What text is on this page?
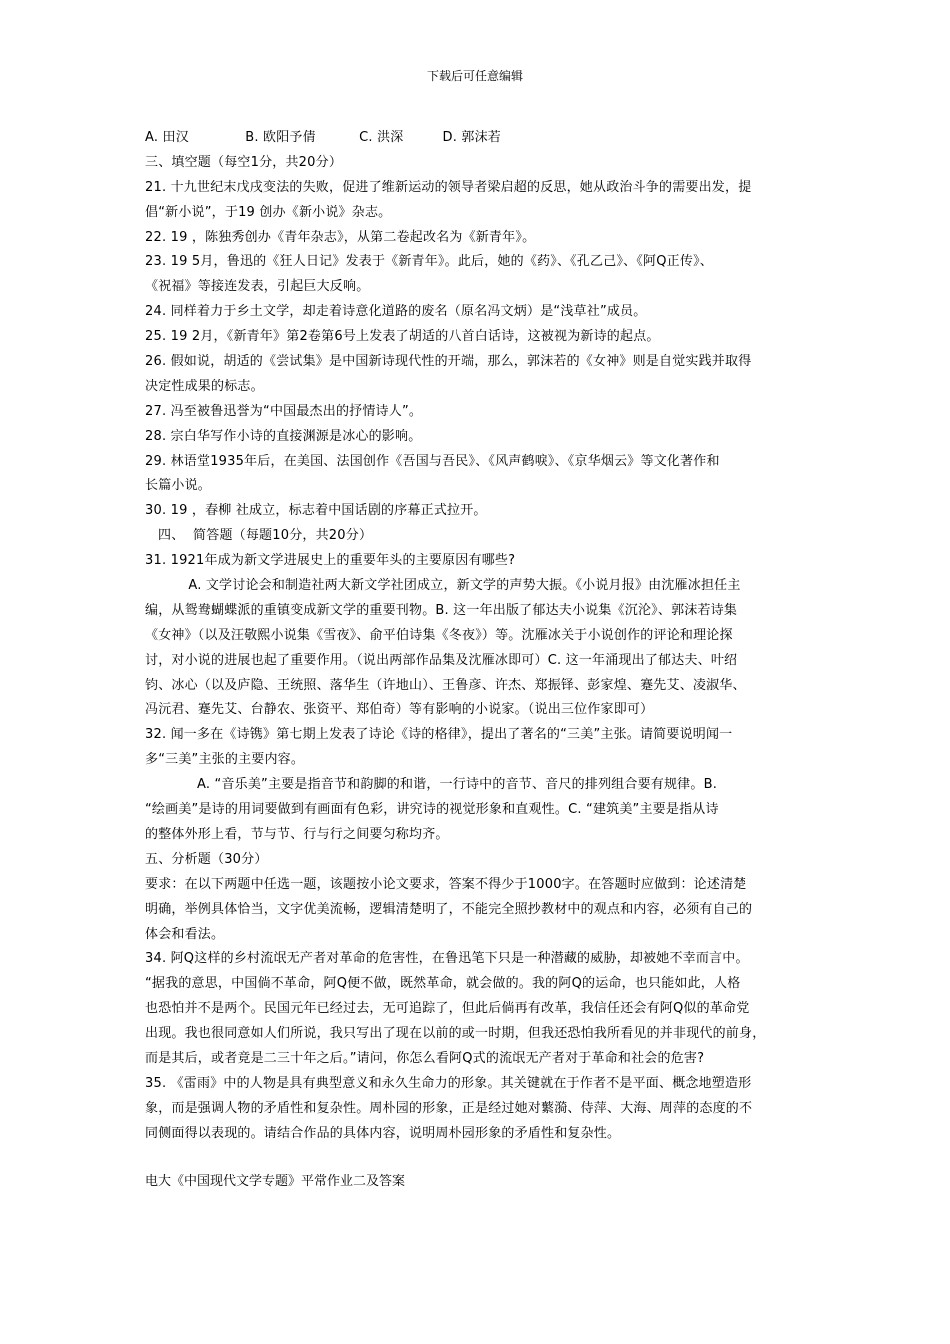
下载后可任意编辑
A. 田汉             B. 欧阳予倩          C. 洪深         D. 郭沫若
三、填空题（每空1分，共20分）
21. 十九世纪末戊戌变法的失败，促进了维新运动的领导者梁启超的反思，她从政治斗争的需要出发，提
倡“新小说”，于19 创办《新小说》杂志。
22. 19 ，陈独秀创办《青年杂志》，从第二卷起改名为《新青年》。
23. 19 5月，鲁迅的《狂人日记》发表于《新青年》。此后，她的《药》、《孔乙己》、《阿Q正传》、
《祝福》等接连发表，引起巨大反响。
24. 同样着力于乡土文学，却走着诗意化道路的废名（原名冯文炳）是“浅草社”成员。
25. 19 2月，《新青年》第2卷第6号上发表了胡适的八首白话诗，这被视为新诗的起点。
26. 假如说，胡适的《尝试集》是中国新诗现代性的开端，那么，郭沫若的《女神》则是自觉实践并取得
决定性成果的标志。
27. 冯至被鲁迅誉为“中国最杰出的抒情诗人”。
28. 宗白华写作小诗的直接渊源是冰心的影响。
29. 林语堂1935年后，在美国、法国创作《吾国与吾民》、《风声鹤唳》、《京华烟云》等文化著作和
长篇小说。
30. 19 ，春柳 社成立，标志着中国话剧的序幕正式拉开。
四、  简答题（每题10分，共20分）
31. 1921年成为新文学进展史上的重要年头的主要原因有哪些?
A. 文学讨论会和制造社两大新文学社团成立，新文学的声势大振。《小说月报》由沈雁冰担任主
编，从鸳鸯蝴蝶派的重镇变成新文学的重要刊物。B. 这一年出版了郁达夫小说集《沉沦》、郭沫若诗集
《女神》（以及汪敬熙小说集《雪夜》、俞平伯诗集《冬夜》）等。沈雁冰关于小说创作的评论和理论探
讨，对小说的进展也起了重要作用。（说出两部作品集及沈雁冰即可）C. 这一年涌现出了郁达夫、叶绍
钧、冰心（以及庐隐、王统照、落华生（许地山）、王鲁彦、许杰、郑振铎、彭家煌、蹇先艾、凌淑华、
冯沅君、蹇先艾、台静农、张资平、郑伯奇）等有影响的小说家。（说出三位作家即可）
32. 闻一多在《诗镌》第七期上发表了诗论《诗的格律》，提出了著名的“三美”主张。请简要说明闻一
多“三美”主张的主要内容。
A. “音乐美”主要是指音节和韵脚的和谐，一行诗中的音节、音尺的排列组合要有规律。B.
“绘画美”是诗的用词要做到有画面有色彩，讲究诗的视觉形象和直观性。C. “建筑美”主要是指从诗
的整体外形上看，节与节、行与行之间要匀称均齐。
五、分析题（30分）
要求：在以下两题中任选一题，该题按小论文要求，答案不得少于1000字。在答题时应做到：论述清楚
明确，举例具体恰当，文字优美流畅，逻辑清楚明了，不能完全照抄教材中的观点和内容，必须有自己的
体会和看法。
34. 阿Q这样的乡村流氓无产者对革命的危害性，在鲁迅笔下只是一种潜藏的威胁，却被她不幸而言中。
“据我的意思，中国倘不革命，阿Q便不做，既然革命，就会做的。我的阿Q的运命，也只能如此，人格
也恐怕并不是两个。民国元年已经过去，无可追踪了，但此后倘再有改革，我信任还会有阿Q似的革命党
出现。我也很同意如人们所说，我只写出了现在以前的或一时期，但我还恐怕我所看见的并非现代的前身，
而是其后，或者竟是二三十年之后。”请问，你怎么看阿Q式的流氓无产者对于革命和社会的危害?
35. 《雷雨》中的人物是具有典型意义和永久生命力的形象。其关键就在于作者不是平面、概念地塑造形
象，而是强调人物的矛盾性和复杂性。周朴园的形象，正是经过她对蘩漪、侍萍、大海、周萍的态度的不
同侧面得以表现的。请结合作品的具体内容，说明周朴园形象的矛盾性和复杂性。
电大《中国现代文学专题》平常作业二及答案
